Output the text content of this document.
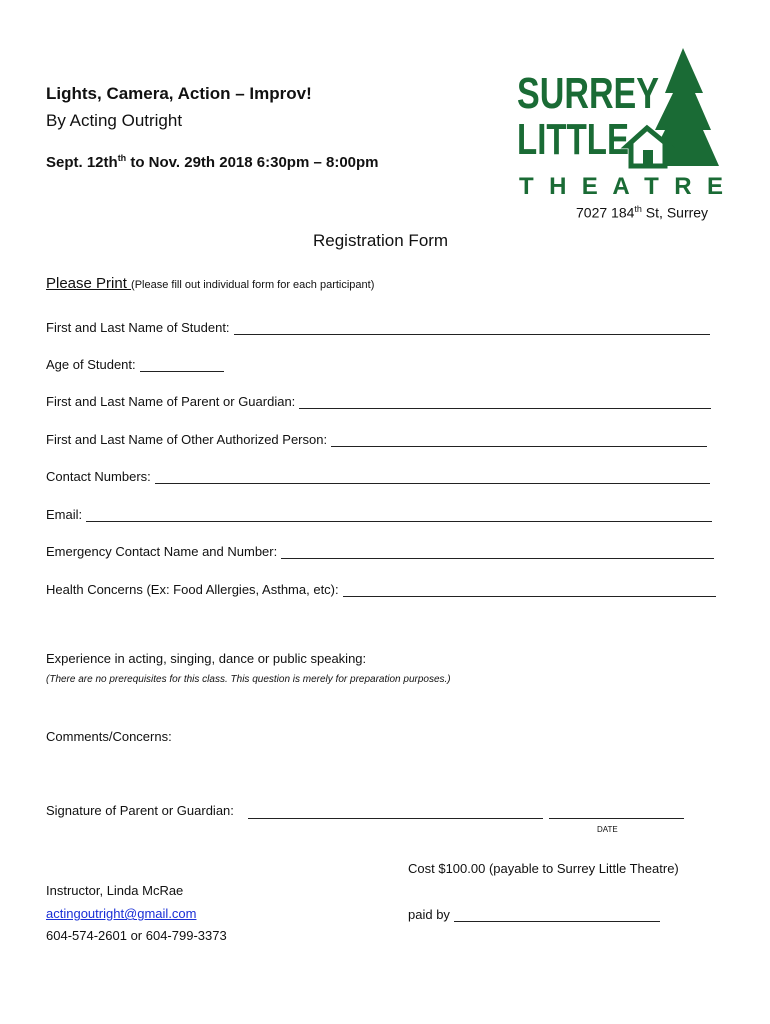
Lights, Camera, Action – Improv!
By Acting Outright
Sept. $12th^{th}$ to Nov. 29th 2018 6:30pm – 8:00pm
SURREY
LITTLE
T H E A T R E
7027 184th St, Surrey
Registration Form
Please Print (Please fill out individual form for each participant)
First and Last Name of Student:
Age of Student:
First and Last Name of Parent or Guardian:
First and Last Name of Other Authorized Person:
Contact Numbers:
Email:
Emergency Contact Name and Number:
Health Concerns (Ex: Food Allergies, Asthma, etc):
Experience in acting, singing, dance or public speaking:
(There are no prerequisites for this class. This question is merely for preparation purposes.)
Comments/Concerns:
Signature of Parent or Guardian:
DATE
Cost $100.00 (payable to Surrey Little Theatre)
Instructor, Linda McRae
actingoutright@gmail.com
604-574-2601 or 604-799-3373
paid by
